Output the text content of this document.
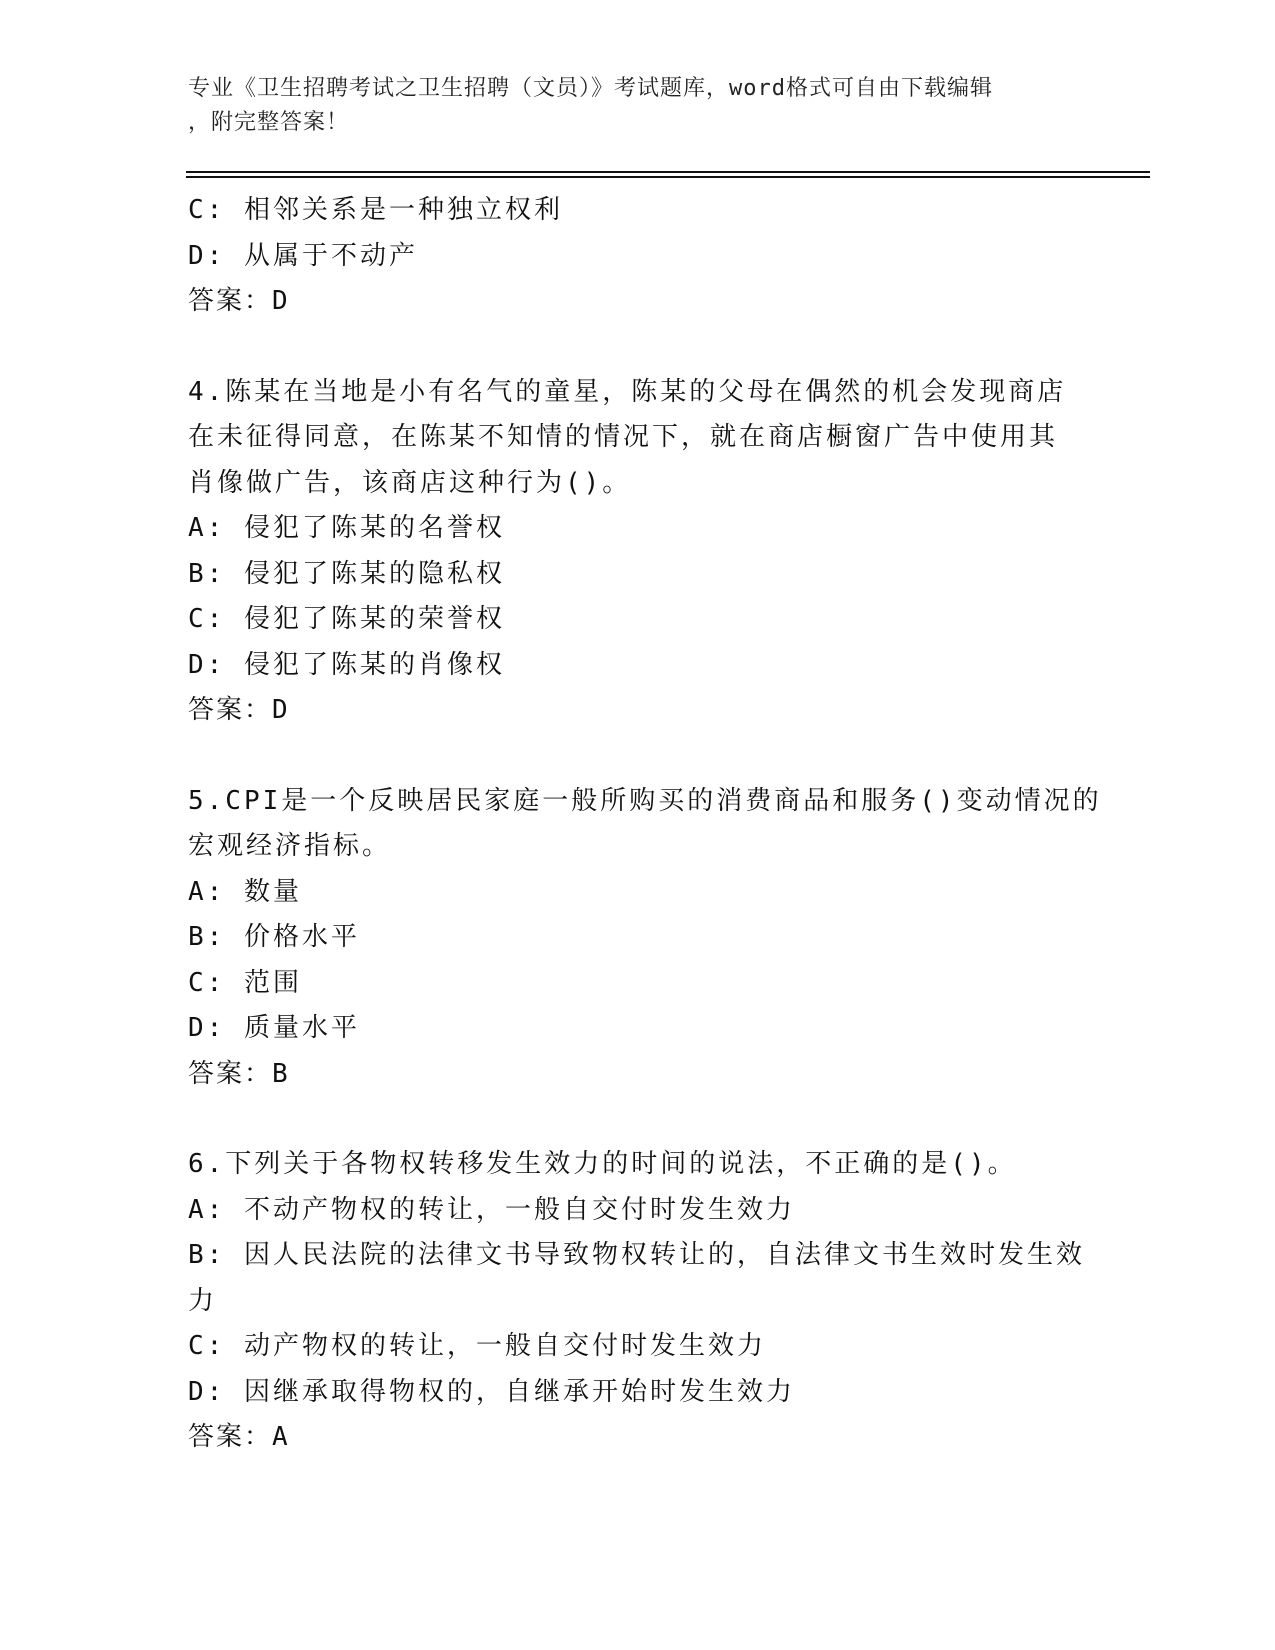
专业《卫生招聘考试之卫生招聘（文员）》考试题库，word格式可自由下载编辑
，附完整答案！
C: 相邻关系是一种独立权利
D: 从属于不动产
答案：D
4.陈某在当地是小有名气的童星，陈某的父母在偶然的机会发现商店
在未征得同意，在陈某不知情的情况下，就在商店橱窗广告中使用其
肖像做广告，该商店这种行为()。
A: 侵犯了陈某的名誉权
B: 侵犯了陈某的隐私权
C: 侵犯了陈某的荣誉权
D: 侵犯了陈某的肖像权
答案：D
5.CPI是一个反映居民家庭一般所购买的消费商品和服务()变动情况的
宏观经济指标。
A: 数量
B: 价格水平
C: 范围
D: 质量水平
答案：B
6.下列关于各物权转移发生效力的时间的说法，不正确的是()。
A: 不动产物权的转让，一般自交付时发生效力
B: 因人民法院的法律文书导致物权转让的，自法律文书生效时发生效
力
C: 动产物权的转让，一般自交付时发生效力
D: 因继承取得物权的，自继承开始时发生效力
答案：A
